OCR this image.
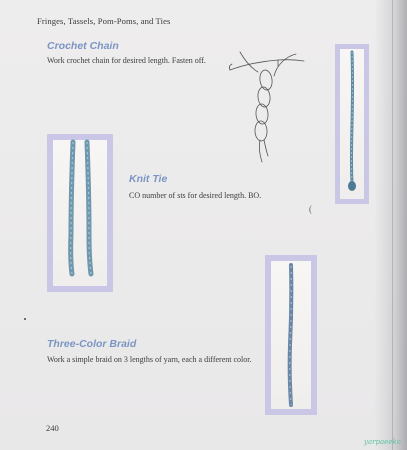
Fringes, Tassels, Pom-Poms, and Ties
Crochet Chain
Work crochet chain for desired length. Fasten off.
Knit Tie
CO number of sts for desired length. BO.
(
Three-Color Braid
Work a simple braid on 3 lengths of yarn, each a different color.
240
yarpaeeko
